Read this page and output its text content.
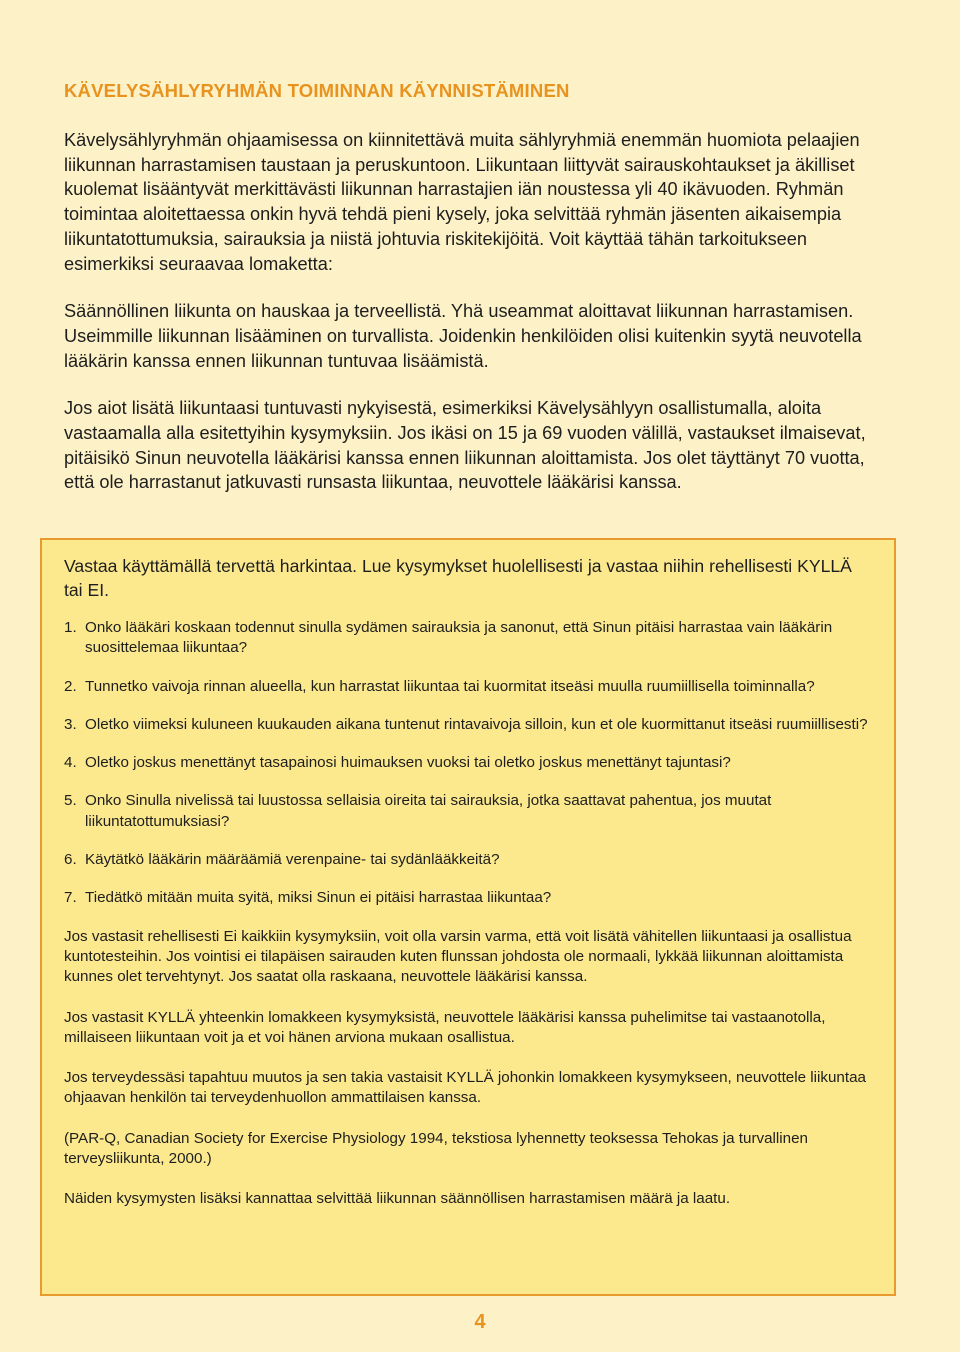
KÄVELYSÄHLYRYHMÄN TOIMINNAN KÄYNNISTÄMINEN

Kävelysählyryhmän ohjaamisessa on kiinnitettävä muita sählyryhmiä enemmän huomiota pelaajien liikunnan harrastamisen taustaan ja peruskuntoon. Liikuntaan liittyvät sairauskohtaukset ja äkilliset kuolemat lisääntyvät merkittävästi liikunnan harrastajien iän noustessa yli 40 ikävuoden. Ryhmän toimintaa aloitettaessa onkin hyvä tehdä pieni kysely, joka selvittää ryhmän jäsenten aikaisempia liikuntatottumuksia, sairauksia ja niistä johtuvia riskitekijöitä. Voit käyttää tähän tarkoitukseen esimerkiksi seuraavaa lomaketta:

Säännöllinen liikunta on hauskaa ja terveellistä. Yhä useammat aloittavat liikunnan harrastamisen. Useimmille liikunnan lisääminen on turvallista. Joidenkin henkilöiden olisi kuitenkin syytä neuvotella lääkärin kanssa ennen liikunnan tuntuvaa lisäämistä.

Jos aiot lisätä liikuntaasi tuntuvasti nykyisestä, esimerkiksi Kävelysählyyn osallistumalla, aloita vastaamalla alla esitettyihin kysymyksiin. Jos ikäsi on 15 ja 69 vuoden välillä, vastaukset ilmaisevat, pitäisikö Sinun neuvotella lääkärisi kanssa ennen liikunnan aloittamista. Jos olet täyttänyt 70 vuotta, että ole harrastanut jatkuvasti runsasta liikuntaa, neuvottele lääkärisi kanssa.

Vastaa käyttämällä tervettä harkintaa. Lue kysymykset huolellisesti ja vastaa niihin rehellisesti KYLLÄ tai EI.

1. Onko lääkäri koskaan todennut sinulla sydämen sairauksia ja sanonut, että Sinun pitäisi harrastaa vain lääkärin suosittelemaa liikuntaa?
2. Tunnetko vaivoja rinnan alueella, kun harrastat liikuntaa tai kuormitat itseäsi muulla ruumiillisella toiminnalla?
3. Oletko viimeksi kuluneen kuukauden aikana tuntenut rintavaivoja silloin, kun et ole kuormittanut itseäsi ruumiillisesti?
4. Oletko joskus menettänyt tasapainosi huimauksen vuoksi tai oletko joskus menettänyt tajuntasi?
5. Onko Sinulla nivelissä tai luustossa sellaisia oireita tai sairauksia, jotka saattavat pahentua, jos muutat liikuntatottumuksiasi?
6. Käytätkö lääkärin määräämiä verenpaine- tai sydänlääkkeitä?
7. Tiedätkö mitään muita syitä, miksi Sinun ei pitäisi harrastaa liikuntaa?

Jos vastasit rehellisesti Ei kaikkiin kysymyksiin, voit olla varsin varma, että voit lisätä vähitellen liikuntaasi ja osallistua kuntotesteihin. Jos vointisi ei tilapäisen sairauden kuten flunssan johdosta ole normaali, lykkää liikunnan aloittamista kunnes olet tervehtynyt. Jos saatat olla raskaana, neuvottele lääkärisi kanssa.

Jos vastasit KYLLÄ yhteenkin lomakkeen kysymyksistä, neuvottele lääkärisi kanssa puhelimitse tai vastaanotolla, millaiseen liikuntaan voit ja et voi hänen arviona mukaan osallistua.

Jos terveydessäsi tapahtuu muutos ja sen takia vastaisit KYLLÄ johonkin lomakkeen kysymykseen, neuvottele liikuntaa ohjaavan henkilön tai terveydenhuollon ammattilaisen kanssa.

(PAR-Q, Canadian Society for Exercise Physiology 1994, tekstiosa lyhennetty teoksessa Tehokas ja turvallinen terveysliikunta, 2000.)

Näiden kysymysten lisäksi kannattaa selvittää liikunnan säännöllisen harrastamisen määrä ja laatu.

4
